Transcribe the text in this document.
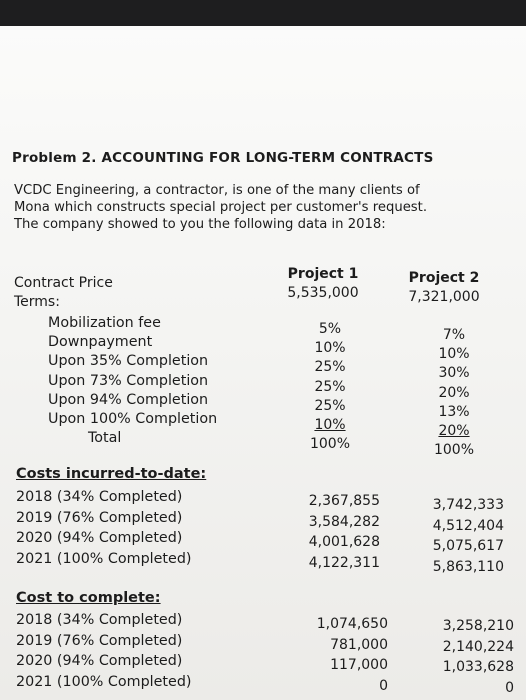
Problem 2. ACCOUNTING FOR LONG-TERM CONTRACTS
VCDC Engineering, a contractor, is one of the many clients of
Mona which constructs special project per customer's request.
The company showed to you the following data in 2018:
Contract Price
Terms:
Project 1
5,535,000
Project 2
7,321,000
Mobilization fee
Downpayment
Upon 35% Completion
Upon 73% Completion
Upon 94% Completion
Upon 100% Completion
Total
5%
10%
25%
25%
25%
10%
100%
7%
10%
30%
20%
13%
20%
100%
Costs incurred-to-date:
2018 (34% Completed)
2019 (76% Completed)
2020 (94% Completed)
2021 (100% Completed)
2,367,855
3,584,282
4,001,628
4,122,311
3,742,333
4,512,404
5,075,617
5,863,110
Cost to complete:
2018 (34% Completed)
2019 (76% Completed)
2020 (94% Completed)
2021 (100% Completed)
1,074,650
781,000
117,000
0
3,258,210
2,140,224
1,033,628
0
